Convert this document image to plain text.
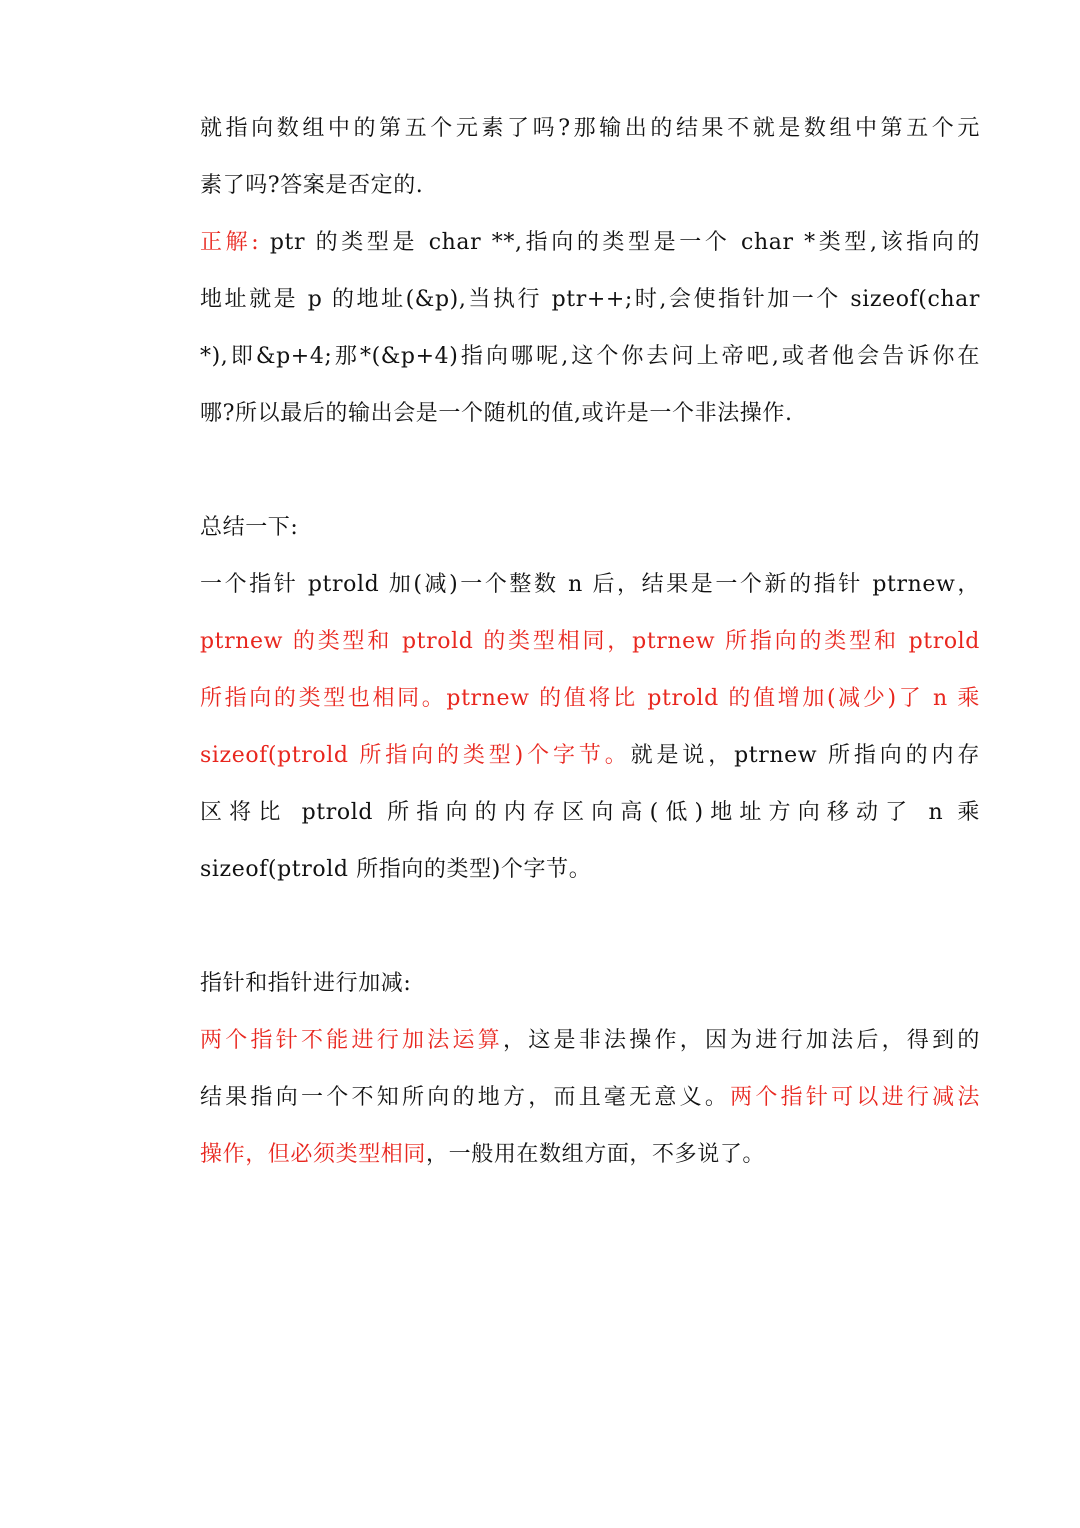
就指向数组中的第五个元素了吗?那输出的结果不就是数组中第五个元
素了吗?答案是否定的.
正解: ptr 的类型是 char **,指向的类型是一个 char *类型,该指向的
地址就是 p 的地址(&p),当执行 ptr++;时,会使指针加一个 sizeof(char
*),即&p+4;那*(&p+4)指向哪呢,这个你去问上帝吧,或者他会告诉你在
哪?所以最后的输出会是一个随机的值,或许是一个非法操作.
总结一下:
一个指针 ptrold 加(减)一个整数 n 后，结果是一个新的指针 ptrnew，
ptrnew 的类型和 ptrold 的类型相同，ptrnew 所指向的类型和 ptrold
所指向的类型也相同。ptrnew 的值将比 ptrold 的值增加(减少)了 n 乘
sizeof(ptrold 所指向的类型)个字节。就是说，ptrnew 所指向的内存
区将比 ptrold 所指向的内存区向高(低)地址方向移动了 n 乘
sizeof(ptrold 所指向的类型)个字节。
指针和指针进行加减:
两个指针不能进行加法运算，这是非法操作，因为进行加法后，得到的
结果指向一个不知所向的地方，而且毫无意义。两个指针可以进行减法
操作，但必须类型相同，一般用在数组方面，不多说了。
